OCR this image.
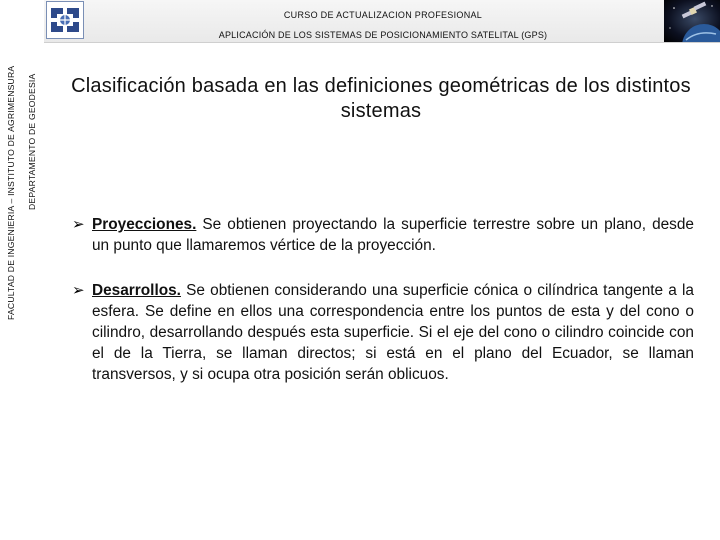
CURSO DE ACTUALIZACION PROFESIONAL
APLICACIÓN DE LOS SISTEMAS DE POSICIONAMIENTO SATELITAL (GPS)
FACULTAD DE INGENIERIA – INSTITUTO DE AGRIMENSURA DEPARTAMENTO DE GEODESIA Clasificación basada en las definiciones geométricas de los distintos sistemas
➢ Proyecciones. Se obtienen proyectando la superficie terrestre sobre un plano, desde un punto que llamaremos vértice de la proyección.

➢ Desarrollos. Se obtienen considerando una superficie cónica o cilíndrica tangente a la esfera. Se define en ellos una correspondencia entre los puntos de esta y del cono o cilindro, desarrollando después esta superficie. Si el eje del cono o cilindro coincide con el de la Tierra, se llaman directos; si está en el plano del Ecuador, se llaman transversos, y si ocupa otra posición serán oblicuos.
